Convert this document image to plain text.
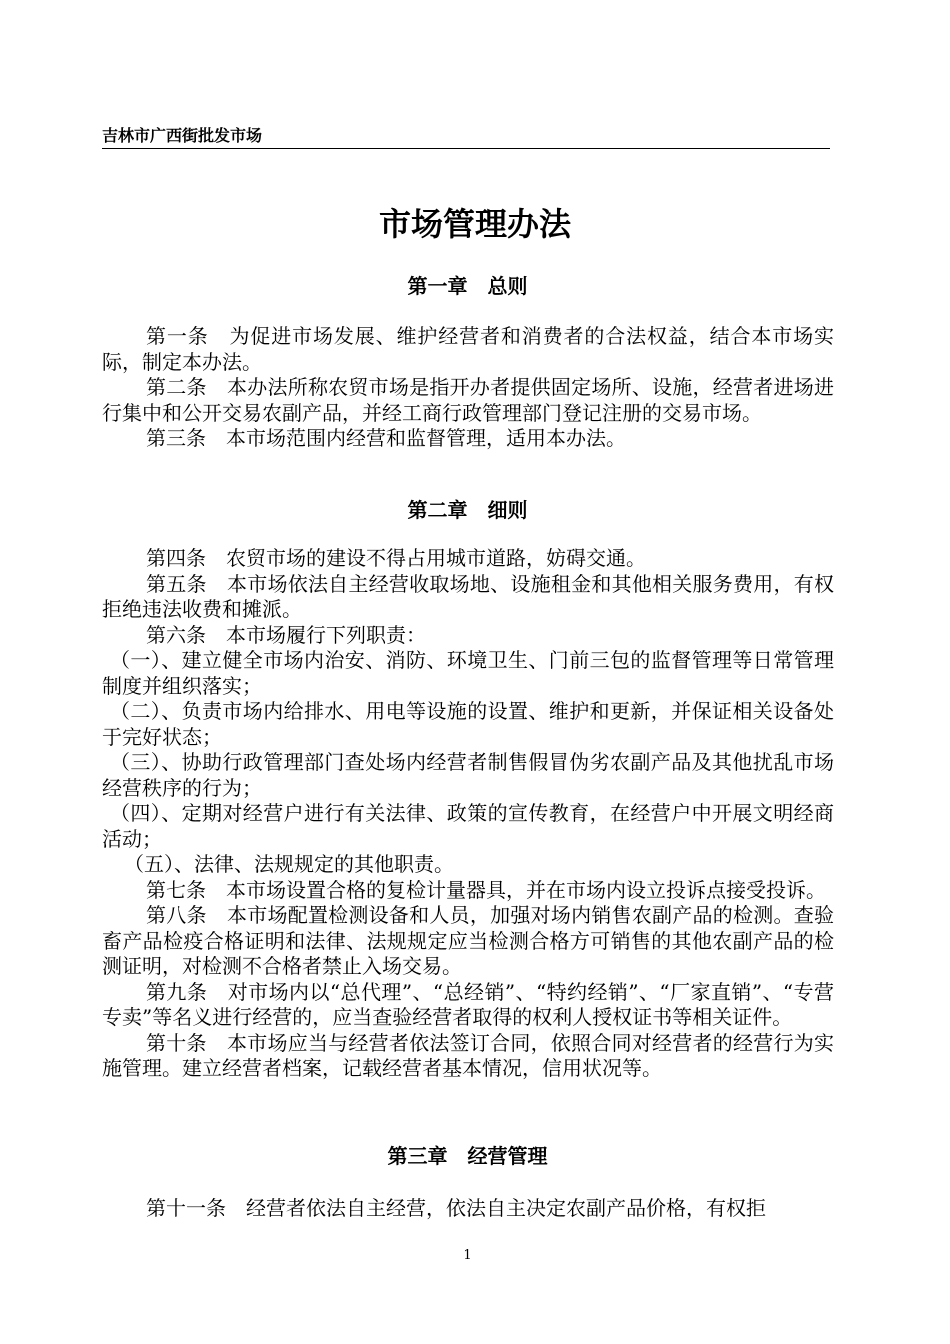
吉林市广西街批发市场
市场管理办法
第一章　总则

第一条　为促进市场发展、维护经营者和消费者的合法权益，结合本市场实际，制定本办法。

第二条　本办法所称农贸市场是指开办者提供固定场所、设施，经营者进场进行集中和公开交易农副产品，并经工商行政管理部门登记注册的交易市场。

第三条　本市场范围内经营和监督管理，适用本办法。

第二章　细则

第四条　农贸市场的建设不得占用城市道路，妨碍交通。

第五条　本市场依法自主经营收取场地、设施租金和其他相关服务费用，有权拒绝违法收费和摊派。

第六条　本市场履行下列职责：

（一）、建立健全市场内治安、消防、环境卫生、门前三包的监督管理等日常管理制度并组织落实；

（二）、负责市场内给排水、用电等设施的设置、维护和更新，并保证相关设备处于完好状态；

（三）、协助行政管理部门查处场内经营者制售假冒伪劣农副产品及其他扰乱市场经营秩序的行为；

（四）、定期对经营户进行有关法律、政策的宣传教育，在经营户中开展文明经商活动；

（五）、法律、法规规定的其他职责。

第七条　本市场设置合格的复检计量器具，并在市场内设立投诉点接受投诉。

第八条　本市场配置检测设备和人员，加强对场内销售农副产品的检测。查验畜产品检疫合格证明和法律、法规规定应当检测合格方可销售的其他农副产品的检测证明，对检测不合格者禁止入场交易。

第九条　对市场内以“总代理”、“总经销”、“特约经销”、“厂家直销”、“专营专卖”等名义进行经营的，应当查验经营者取得的权利人授权证书等相关证件。

第十条　本市场应当与经营者依法签订合同，依照合同对经营者的经营行为实施管理。建立经营者档案，记载经营者基本情况，信用状况等。

第三章　经营管理

第十一条　经营者依法自主经营，依法自主决定农副产品价格，有权拒

1
